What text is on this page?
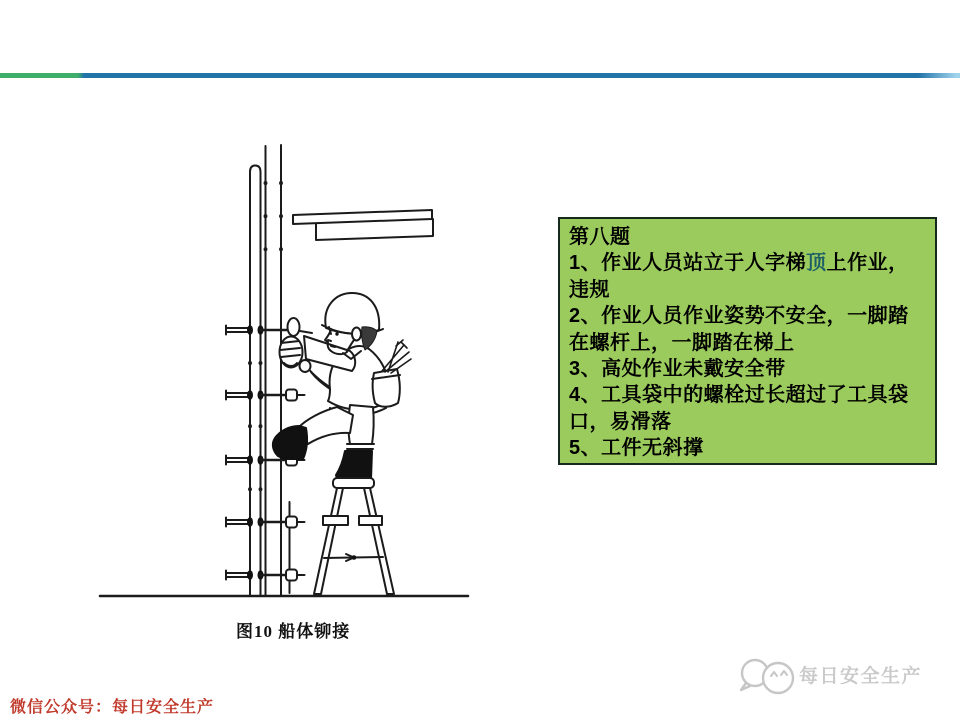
图10 船体铆接
第八题
1、作业人员站立于人字梯顶上作业，
违规
2、作业人员作业姿势不安全，一脚踏
在螺杆上，一脚踏在梯上
3、高处作业未戴安全带
4、工具袋中的螺栓过长超过了工具袋
口，易滑落
5、工件无斜撑
微信公众号：每日安全生产
每日安全生产
